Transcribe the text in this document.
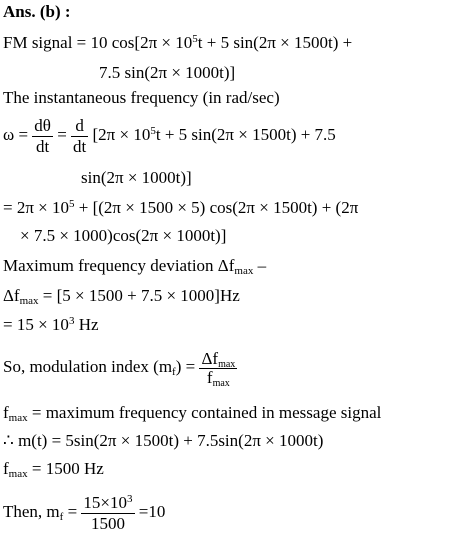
Ans. (b) :
FM signal = 10 $\cos[2\pi \times 10^5t + 5$ sin(2π × 1500t) +
7.5 sin(2π × 1000t)]
The instantaneous frequency (in rad/sec)
$\omega = \frac{d\theta}{dt} = \frac{d}{dt} [2\pi \times 10^5t + 5$ sin(2π × 1500t) + 7.5
sin(2π × 1000t)]
= $2\pi \times 10^5 + [(2\pi \times 1500 \times 5) \cos(2\pi \times 1500t) + (2\pi$
× 7.5 × 1000)cos(2π × 1000t)]
Maximum frequency deviation $\Delta f_{max}$ –
$\Delta f_{max} = [5 \times 1500 + 7.5 \times 1000]Hz$
= $15 \times 10^3$ Hz
So, modulation index $(m_f) = \frac{\Delta f_{max}}{f_{max}}$
$f_{max}$ = maximum frequency contained in message signal
∴ m(t) = 5sin(2π × 1500t) + 7.5sin(2π × 1000t)
$f_{max} = 1500$ Hz
Then, $m_f = \frac{15\times 10^3}{1500} =10$
